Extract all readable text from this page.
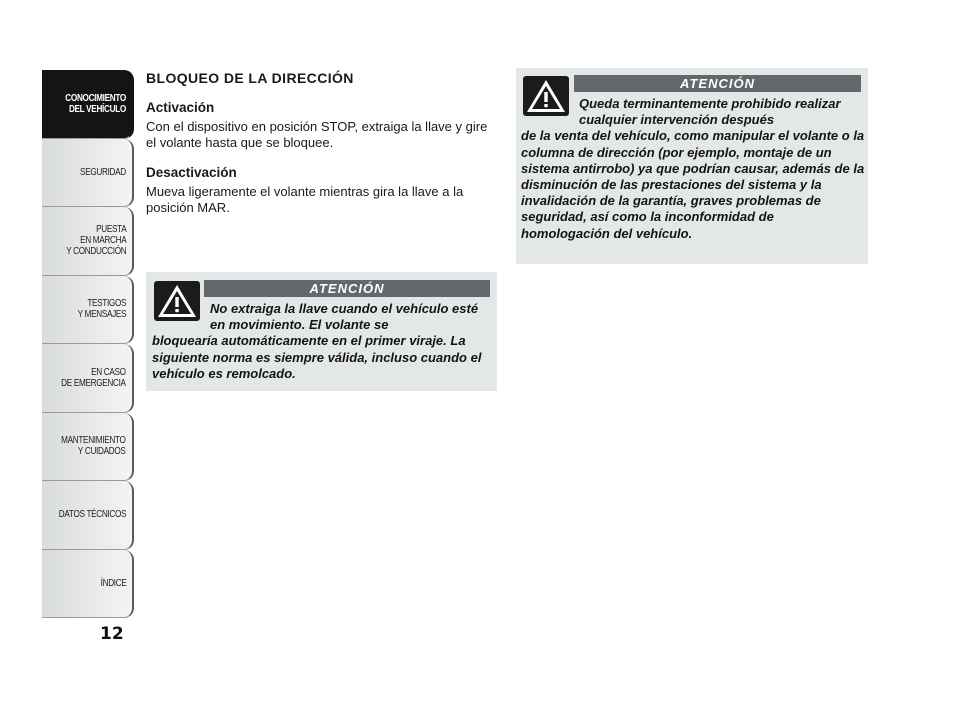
CONOCIMIENTO
DEL VEHÍCULO
SEGURIDAD
PUESTA
EN MARCHA
Y CONDUCCIÓN
TESTIGOS
Y MENSAJES
EN CASO
DE EMERGENCIA
MANTENIMIENTO
Y CUIDADOS
DATOS TÉCNICOS
ÍNDICE
12
BLOQUEO DE LA DIRECCIÓN
Activación
Con el dispositivo en posición STOP, extraiga la llave y gire el volante hasta que se bloquee.
Desactivación
Mueva ligeramente el volante mientras gira la llave a la posición MAR.
ATENCIÓN
No extraiga la llave cuando el vehículo esté en movimiento. El volante se
bloquearía automáticamente en el primer viraje. La siguiente norma es siempre válida, incluso cuando el vehículo es remolcado.
ATENCIÓN
Queda terminantemente prohibido realizar cualquier intervención después
de la venta del vehículo, como manipular el volante o la columna de dirección (por ejemplo, montaje de un sistema antirrobo) ya que podrían causar, además de la disminución de las prestaciones del sistema y la invalidación de la garantía, graves problemas de seguridad, así como la inconformidad de homologación del vehículo.
